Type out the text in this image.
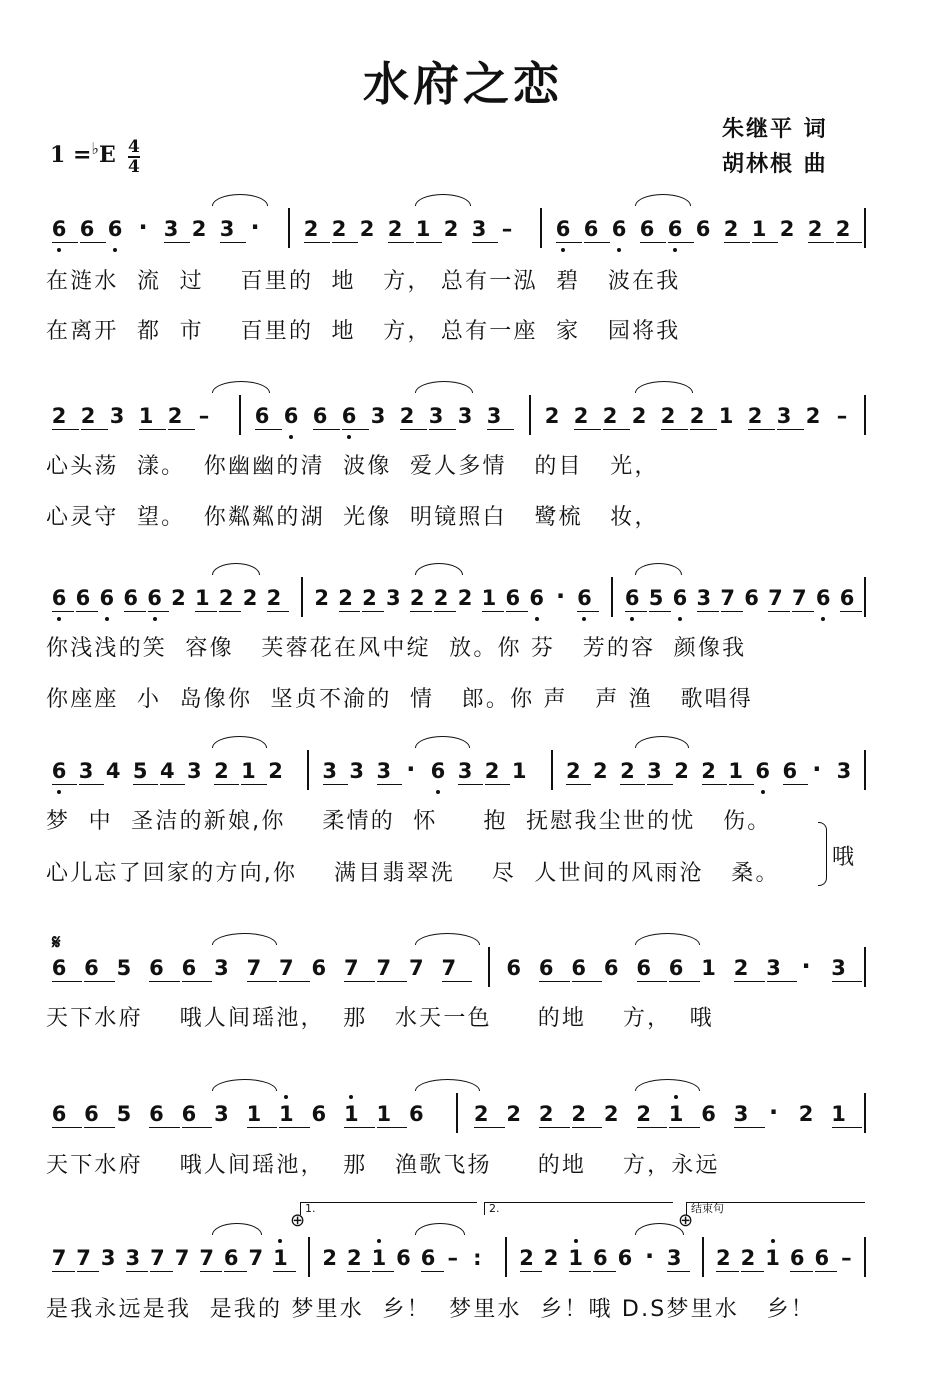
水府之恋
朱继平 词
胡林根 曲
1 =♭E 4
4
6 6 6 · 3 2 3 · 2 2 2 2 1 2 3 – 6 6 6 6 6 6 2 1 2 2 2
2 2 3 1 2 – 6 6 6 6 3 2 3 3 3 2 2 2 2 2 2 1 2 3 2 –
6 6 6 6 6 2 1 2 2 2 2 2 2 3 2 2 2 1 6 6 · 6 6 5 6 3 7 6 7 7 6 6
6 3 4 5 4 3 2 1 2 3 3 3 · 6 3 2 1 2 2 2 3 2 2 1 6 6 · 3
6 6 5 6 6 3 7 7 6 7 7 7 7 6 6 6 6 6 6 1 2 3 · 3
6 6 5 6 6 3 1 1 6 1 1 6 2 2 2 2 2 2 1 6 3 · 2 1
7 7 3 3 7 7 7 6 7 1 2 2 1 6 6 – : 2 2 1 6 6 · 3 2 2 1 6 6 –
在涟水  流  过    百里的  地   方， 总有一泓  碧   波在我
在离开  都  市    百里的  地   方， 总有一座  家   园将我
心头荡  漾。  你幽幽的清  波像  爱人多情   的目   光，
心灵守  望。  你粼粼的湖  光像  明镜照白   鹭梳   妆，
你浅浅的笑  容像   芙蓉花在风中绽  放。你 芬   芳的容  颜像我
你座座  小  岛像你  坚贞不渝的  情   郎。你 声   声 渔   歌唱得
梦  中  圣洁的新娘,你    柔情的  怀     抱  抚慰我尘世的忧   伤。
心儿忘了回家的方向,你    满目翡翠洗    尽  人世间的风雨沧   桑。
哦
𝄋
天下水府    哦人间瑶池，  那   水天一色     的地    方，  哦
天下水府    哦人间瑶池，  那   渔歌飞扬     的地    方，永远
是我永远是我  是我的 梦里水  乡！  梦里水  乡！哦 D.S梦里水   乡！
1.	2.	结束句
⊕	⊕
